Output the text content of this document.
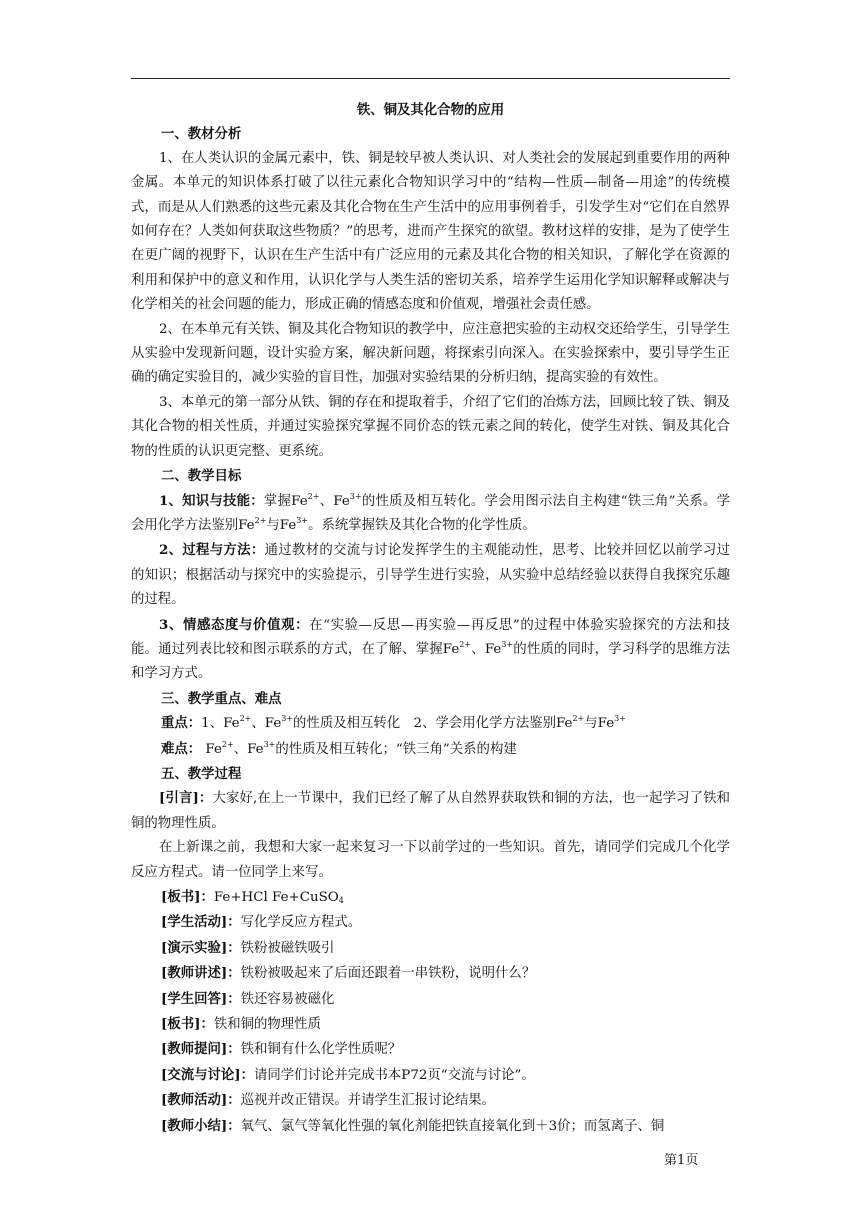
铁、铜及其化合物的应用

一、教材分析

1、在人类认识的金属元素中，铁、铜是较早被人类认识、对人类社会的发展起到重要作用的两种金属。本单元的知识体系打破了以往元素化合物知识学习中的“结构—性质—制备—用途”的传统模式，而是从人们熟悉的这些元素及其化合物在生产生活中的应用事例着手，引发学生对“它们在自然界如何存在？人类如何获取这些物质？”的思考，进而产生探究的欲望。教材这样的安排，是为了使学生在更广阔的视野下，认识在生产生活中有广泛应用的元素及其化合物的相关知识，了解化学在资源的利用和保护中的意义和作用，认识化学与人类生活的密切关系，培养学生运用化学知识解释或解决与化学相关的社会问题的能力，形成正确的情感态度和价值观，增强社会责任感。

2、在本单元有关铁、铜及其化合物知识的教学中，应注意把实验的主动权交还给学生，引导学生从实验中发现新问题，设计实验方案，解决新问题，将探索引向深入。在实验探索中，要引导学生正确的确定实验目的，减少实验的盲目性，加强对实验结果的分析归纳，提高实验的有效性。

3、本单元的第一部分从铁、铜的存在和提取着手，介绍了它们的冶炼方法，回顾比较了铁、铜及其化合物的相关性质，并通过实验探究掌握不同价态的铁元素之间的转化，使学生对铁、铜及其化合物的性质的认识更完整、更系统。

二、教学目标

1、知识与技能：掌握$Fe^{2+}$、$Fe^{3+}$的性质及相互转化。学会用图示法自主构建“铁三角”关系。学会用化学方法鉴别$Fe^{2+}$与$Fe^{3+}$。系统掌握铁及其化合物的化学性质。

2、过程与方法：通过教材的交流与讨论发挥学生的主观能动性，思考、比较并回忆以前学习过的知识；根据活动与探究中的实验提示，引导学生进行实验，从实验中总结经验以获得自我探究乐趣的过程。

3、情感态度与价值观：在“实验—反思—再实验—再反思”的过程中体验实验探究的方法和技能。通过列表比较和图示联系的方式，在了解、掌握$Fe^{2+}$、$Fe^{3+}$的性质的同时，学习科学的思维方法和学习方式。

三、教学重点、难点

重点：1、$Fe^{2+}$、$Fe^{3+}$的性质及相互转化　2、学会用化学方法鉴别$Fe^{2+}$与$Fe^{3+}$

难点： $Fe^{2+}$、$Fe^{3+}$的性质及相互转化；“铁三角”关系的构建

五、教学过程

[引言]：大家好,在上一节课中，我们已经了解了从自然界获取铁和铜的方法，也一起学习了铁和铜的物理性质。

在上新课之前，我想和大家一起来复习一下以前学过的一些知识。首先，请同学们完成几个化学反应方程式。请一位同学上来写。

[板书]：Fe+HCl Fe+CuSO$_4$

[学生活动]：写化学反应方程式。

[演示实验]：铁粉被磁铁吸引

[教师讲述]：铁粉被吸起来了后面还跟着一串铁粉，说明什么？

[学生回答]：铁还容易被磁化

[板书]：铁和铜的物理性质

[教师提问]：铁和铜有什么化学性质呢？

[交流与讨论]：请同学们讨论并完成书本P72页“交流与讨论”。

[教师活动]：巡视并改正错误。并请学生汇报讨论结果。

[教师小结]：氧气、氯气等氧化性强的氧化剂能把铁直接氧化到＋3价；而氢离子、铜

第1页
